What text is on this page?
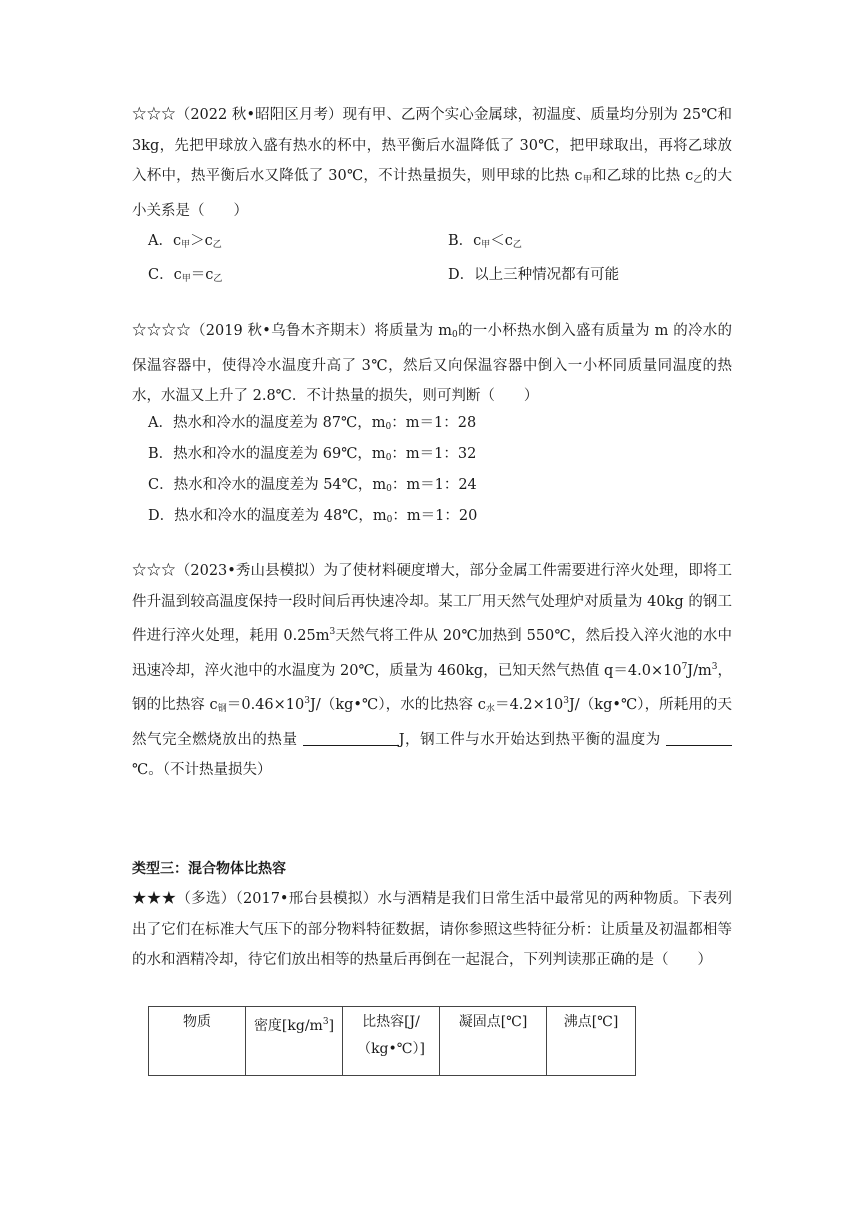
☆☆☆（2022 秋•昭阳区月考）现有甲、乙两个实心金属球，初温度、质量均分别为 25℃和 3kg，先把甲球放入盛有热水的杯中，热平衡后水温降低了 30℃，把甲球取出，再将乙球放入杯中，热平衡后水又降低了 30℃，不计热量损失，则甲球的比热 $c_甲$和乙球的比热 $c_乙$的大小关系是（　　）
A．$c_甲>c_乙$	B．$c_甲<c_乙$
C．$c_甲=c_乙$	D．以上三种情况都有可能
☆☆☆☆（2019 秋•乌鲁木齐期末）将质量为 $m_0$的一小杯热水倒入盛有质量为 m 的冷水的保温容器中，使得冷水温度升高了 3℃，然后又向保温容器中倒入一小杯同质量同温度的热水，水温又上升了 2.8℃．不计热量的损失，则可判断（　　）
A．热水和冷水的温度差为 87℃，$m_0$：m＝1：28
B．热水和冷水的温度差为 69℃，$m_0$：m＝1：32
C．热水和冷水的温度差为 54℃，$m_0$：m＝1：24
D．热水和冷水的温度差为 48℃，$m_0$：m＝1：20
☆☆☆（2023•秀山县模拟）为了使材料硬度增大，部分金属工件需要进行淬火处理，即将工件升温到较高温度保持一段时间后再快速冷却。某工厂用天然气处理炉对质量为 40kg 的钢工件进行淬火处理，耗用 $0.25m^3$天然气将工件从 20℃加热到 550℃，然后投入淬火池的水中迅速冷却，淬火池中的水温度为 20℃，质量为 460kg，已知天然气热值 $q=4.0\times 10^7J/m^3$，钢的比热容 $c_钢=0.46\times 10^3J/(kg•℃)$，水的比热容 $c_水=4.2\times 10^3J/(kg•℃)$，所耗用的天然气完全燃烧放出的热量	J，钢工件与水开始达到热平衡的温度为 ℃。（不计热量损失）
类型三：混合物体比热容
★★★（多选）（2017•邢台县模拟）水与酒精是我们日常生活中最常见的两种物质。下表列出了它们在标准大气压下的部分物料特征数据，请你参照这些特征分析：让质量及初温都相等的水和酒精冷却，待它们放出相等的热量后再倒在一起混合，下列判读那正确的是（　　）
物质	密度$[kg/m^3]$	比热容[J/（kg•℃）]	凝固点[℃]	沸点[℃]
